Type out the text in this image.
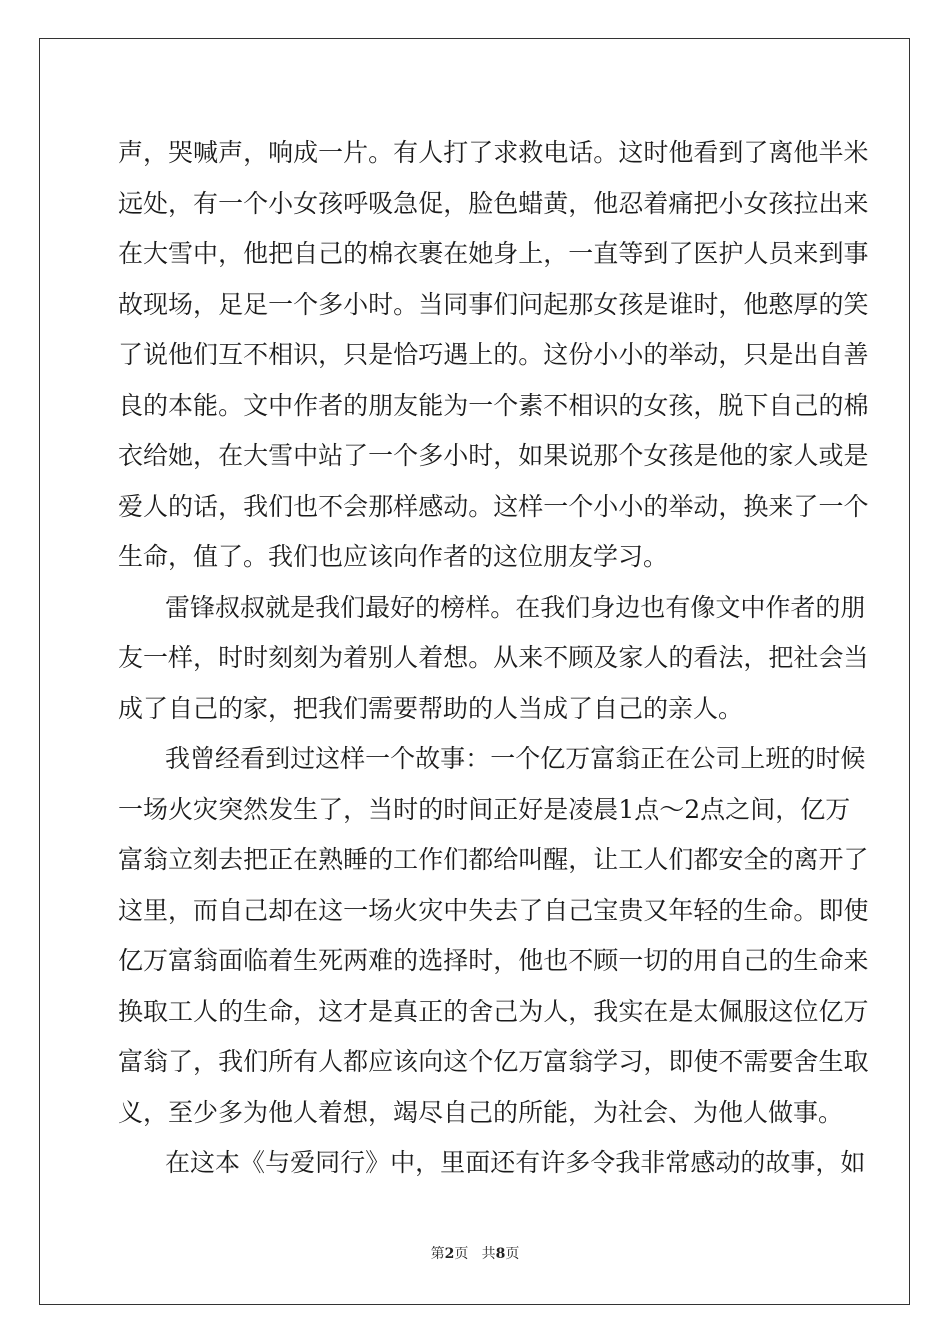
声 ， 哭 喊 声 ， 响 成 一 片 。 有 人 打 了 求 救 电 话 。 这 时 他 看 到 了 离 他 半 米
远 处 ， 有 一 个 小 女 孩 呼 吸 急 促 ， 脸 色 蜡 黄 ， 他 忍 着 痛 把 小 女 孩 拉 出 来
在 大 雪 中 ， 他 把 自 己 的 棉 衣 裹 在 她 身 上 ， 一 直 等 到 了 医 护 人 员 来 到 事
故 现 场 ， 足 足 一 个 多 小 时 。 当 同 事 们 问 起 那 女 孩 是 谁 时 ， 他 憨 厚 的 笑
了 说 他 们 互 不 相 识 ， 只 是 恰 巧 遇 上 的 。 这 份 小 小 的 举 动 ， 只 是 出 自 善
良 的 本 能 。 文 中 作 者 的 朋 友 能 为 一 个 素 不 相 识 的 女 孩 ， 脱 下 自 己 的 棉
衣 给 她 ， 在 大 雪 中 站 了 一 个 多 小 时 ， 如 果 说 那 个 女 孩 是 他 的 家 人 或 是
爱 人 的 话 ， 我 们 也 不 会 那 样 感 动 。 这 样 一 个 小 小 的 举 动 ， 换 来 了 一 个
生命，值了。我们也应该向作者的这位朋友学习。
雷 锋 叔 叔 就 是 我 们 最 好 的 榜 样 。 在 我 们 身 边 也 有 像 文 中 作 者 的 朋
友 一 样 ， 时 时 刻 刻 为 着 别 人 着 想 。 从 来 不 顾 及 家 人 的 看 法 ， 把 社 会 当
成了自己的家，把我们需要帮助的人当成了自己的亲人。
我 曾 经 看 到 过 这 样 一 个 故 事 ： 一 个 亿 万 富 翁 正 在 公 司 上 班 的 时 候
一 场 火 灾 突 然 发 生 了 ， 当 时 的 时 间 正 好 是 凌 晨 1 点 ～ 2 点 之 间 ， 亿 万
富 翁 立 刻 去 把 正 在 熟 睡 的 工 作 们 都 给 叫 醒 ， 让 工 人 们 都 安 全 的 离 开 了
这 里 ， 而 自 己 却 在 这 一 场 火 灾 中 失 去 了 自 己 宝 贵 又 年 轻 的 生 命 。 即 使
亿 万 富 翁 面 临 着 生 死 两 难 的 选 择 时 ， 他 也 不 顾 一 切 的 用 自 己 的 生 命 来
换 取 工 人 的 生 命 ， 这 才 是 真 正 的 舍 己 为 人 ， 我 实 在 是 太 佩 服 这 位 亿 万
富 翁 了 ， 我 们 所 有 人 都 应 该 向 这 个 亿 万 富 翁 学 习 ， 即 使 不 需 要 舍 生 取
义，至少多为他人着想，竭尽自己的所能，为社会、为他人做事。
在 这 本 《 与 爱 同 行 》 中 ， 里 面 还 有 许 多 令 我 非 常 感 动 的 故 事 ， 如
第2页 共8页
